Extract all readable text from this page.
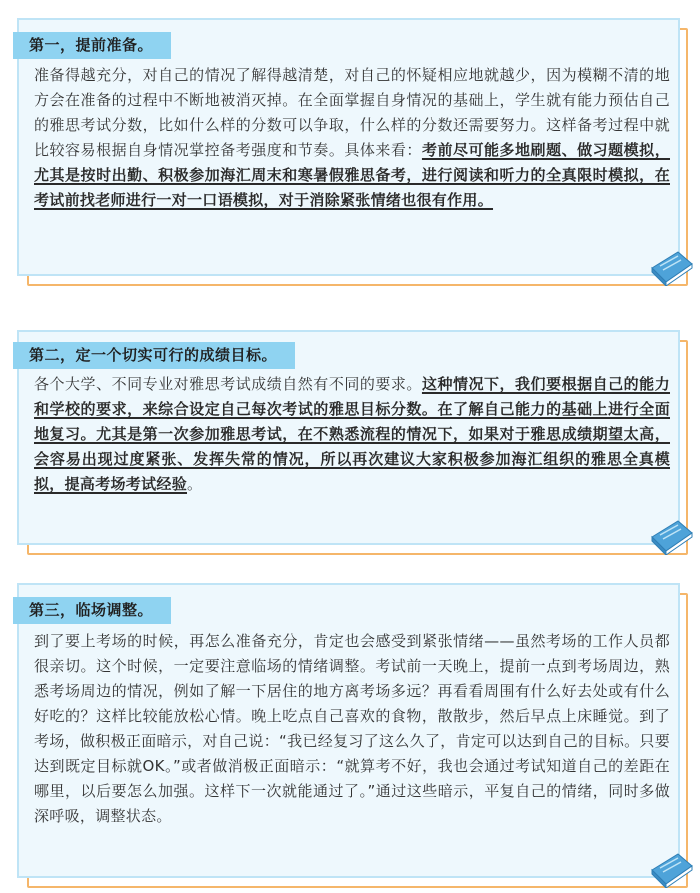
第一，提前准备。
准备得越充分，对自己的情况了解得越清楚，对自己的怀疑相应地就越少，因为模糊不清的地方会在准备的过程中不断地被消灭掉。在全面掌握自身情况的基础上，学生就有能力预估自己的雅思考试分数，比如什么样的分数可以争取，什么样的分数还需要努力。这样备考过程中就比较容易根据自身情况掌控备考强度和节奏。具体来看：考前尽可能多地刷题、做习题模拟，尤其是按时出勤、积极参加海汇周末和寒暑假雅思备考，进行阅读和听力的全真限时模拟，在考试前找老师进行一对一口语模拟，对于消除紧张情绪也很有作用。
第二，定一个切实可行的成绩目标。
各个大学、不同专业对雅思考试成绩自然有不同的要求。这种情况下，我们要根据自己的能力和学校的要求，来综合设定自己每次考试的雅思目标分数。在了解自己能力的基础上进行全面地复习。尤其是第一次参加雅思考试，在不熟悉流程的情况下，如果对于雅思成绩期望太高，会容易出现过度紧张、发挥失常的情况，所以再次建议大家积极参加海汇组织的雅思全真模拟，提高考场考试经验。
第三，临场调整。
到了要上考场的时候，再怎么准备充分，肯定也会感受到紧张情绪——虽然考场的工作人员都很亲切。这个时候，一定要注意临场的情绪调整。考试前一天晚上，提前一点到考场周边，熟悉考场周边的情况，例如了解一下居住的地方离考场多远？再看看周围有什么好去处或有什么好吃的？这样比较能放松心情。晚上吃点自己喜欢的食物，散散步，然后早点上床睡觉。到了考场，做积极正面暗示，对自己说：“我已经复习了这么久了，肯定可以达到自己的目标。只要达到既定目标就OK。”或者做消极正面暗示：“就算考不好，我也会通过考试知道自己的差距在哪里，以后要怎么加强。这样下一次就能通过了。”通过这些暗示，平复自己的情绪，同时多做深呼吸，调整状态。
